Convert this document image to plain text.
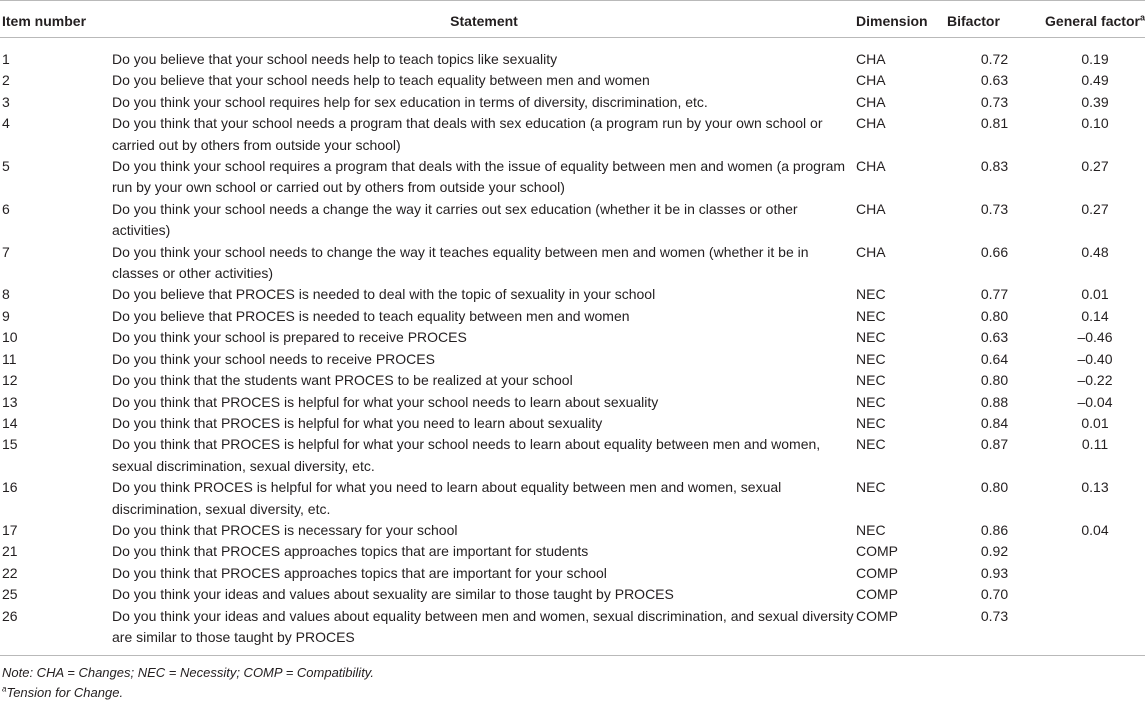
Item number	Statement	Dimension	Bifactor	General factor$^a$
1	Do you believe that your school needs help to teach topics like sexuality	CHA	0.72	0.19
2	Do you believe that your school needs help to teach equality between men and women	CHA	0.63	0.49
3	Do you think your school requires help for sex education in terms of diversity, discrimination, etc.	CHA	0.73	0.39
4	Do you think that your school needs a program that deals with sex education (a program run by your own school or carried out by others from outside your school)	CHA	0.81	0.10
5	Do you think your school requires a program that deals with the issue of equality between men and women (a program run by your own school or carried out by others from outside your school)	CHA	0.83	0.27
6	Do you think your school needs a change the way it carries out sex education (whether it be in classes or other activities)	CHA	0.73	0.27
7	Do you think your school needs to change the way it teaches equality between men and women (whether it be in classes or other activities)	CHA	0.66	0.48
8	Do you believe that PROCES is needed to deal with the topic of sexuality in your school	NEC	0.77	0.01
9	Do you believe that PROCES is needed to teach equality between men and women	NEC	0.80	0.14
10	Do you think your school is prepared to receive PROCES	NEC	0.63	–0.46
11	Do you think your school needs to receive PROCES	NEC	0.64	–0.40
12	Do you think that the students want PROCES to be realized at your school	NEC	0.80	–0.22
13	Do you think that PROCES is helpful for what your school needs to learn about sexuality	NEC	0.88	–0.04
14	Do you think that PROCES is helpful for what you need to learn about sexuality	NEC	0.84	0.01
15	Do you think that PROCES is helpful for what your school needs to learn about equality between men and women, sexual discrimination, sexual diversity, etc.	NEC	0.87	0.11
16	Do you think PROCES is helpful for what you need to learn about equality between men and women, sexual discrimination, sexual diversity, etc.	NEC	0.80	0.13
17	Do you think that PROCES is necessary for your school	NEC	0.86	0.04
21	Do you think that PROCES approaches topics that are important for students	COMP	0.92	
22	Do you think that PROCES approaches topics that are important for your school	COMP	0.93	
25	Do you think your ideas and values about sexuality are similar to those taught by PROCES	COMP	0.70	
26	Do you think your ideas and values about equality between men and women, sexual discrimination, and sexual diversity are similar to those taught by PROCES	COMP	0.73	
Note: CHA = Changes; NEC = Necessity; COMP = Compatibility.
$^a$Tension for Change.
